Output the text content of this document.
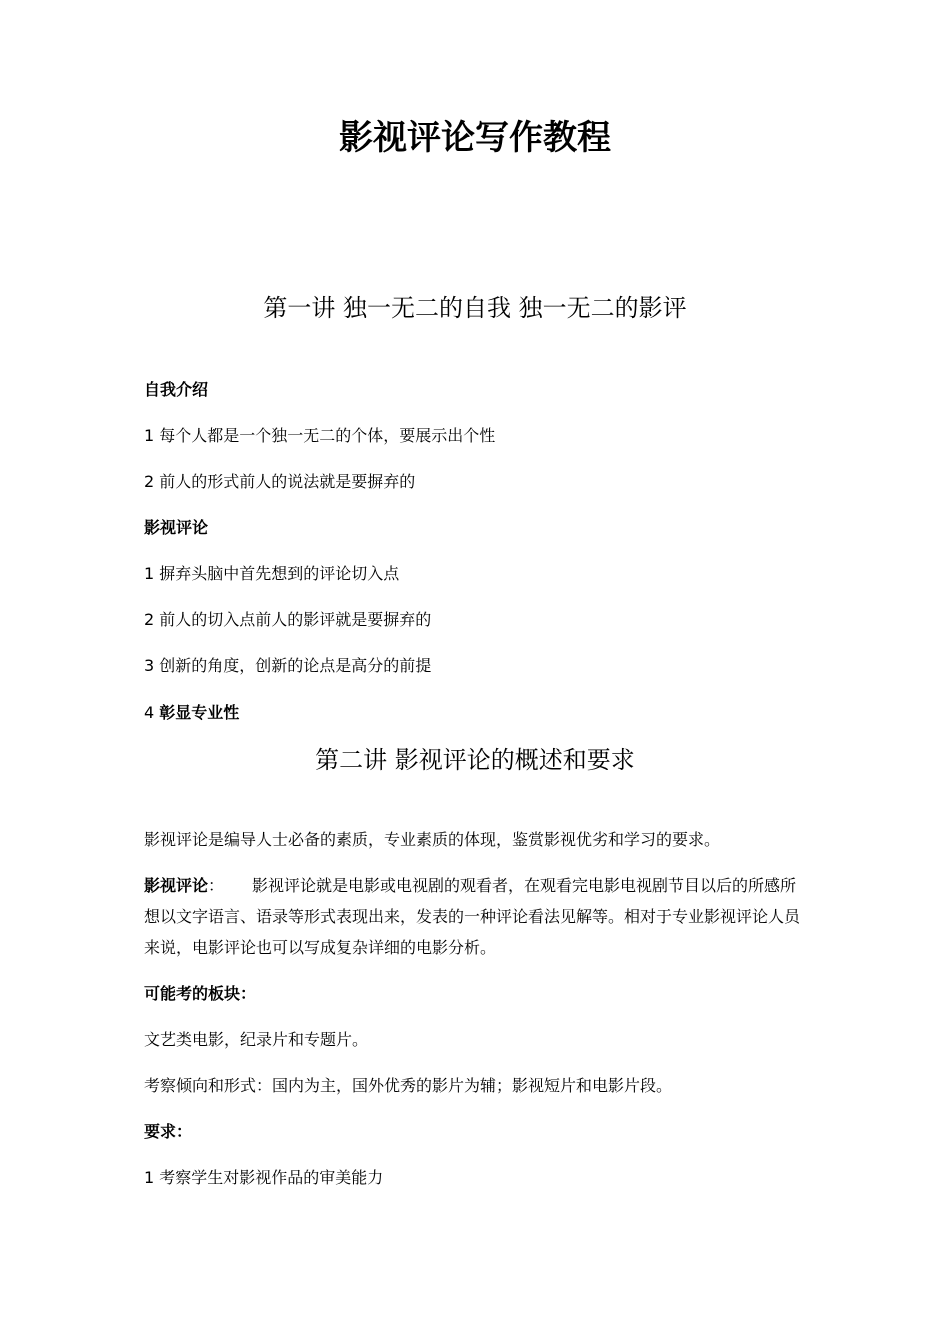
影视评论写作教程
第一讲 独一无二的自我 独一无二的影评
自我介绍
1 每个人都是一个独一无二的个体，要展示出个性
2 前人的形式前人的说法就是要摒弃的
影视评论
1 摒弃头脑中首先想到的评论切入点
2 前人的切入点前人的影评就是要摒弃的
3 创新的角度，创新的论点是高分的前提
4 彰显专业性
第二讲 影视评论的概述和要求
影视评论是编导人士必备的素质，专业素质的体现，鉴赏影视优劣和学习的要求。
影视评论： 影视评论就是电影或电视剧的观看者，在观看完电影电视剧节目以后的所感所想以文字语言、语录等形式表现出来，发表的一种评论看法见解等。相对于专业影视评论人员来说，电影评论也可以写成复杂详细的电影分析。
可能考的板块：
文艺类电影，纪录片和专题片。
考察倾向和形式：国内为主，国外优秀的影片为辅；影视短片和电影片段。
要求：
1 考察学生对影视作品的审美能力
